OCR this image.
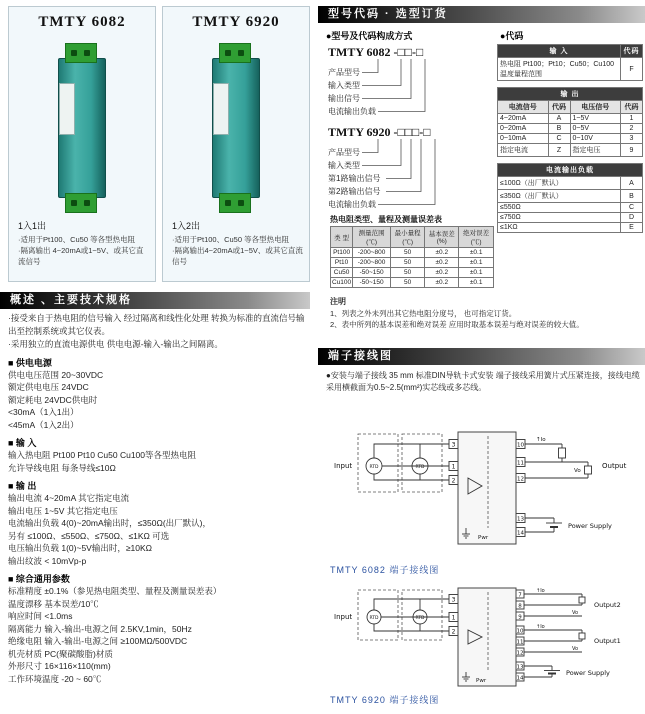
TMTY 6082
1入1出
·适用于Pt100、Cu50 等各型热电阻
·隔离输出 4~20mA或1~5V、或其它直流信号
TMTY 6920
1入2出
·适用于Pt100、Cu50 等各型热电阻
·隔离输出4~20mA或1~5V、或其它直流信号
概述 、主要技术规格
·接受来自于热电阻的信号输入 经过隔离和线性化处理 转换为标准的直流信号输出至控制系统或其它仪表。
·采用独立的直流电源供电 供电电源-输入-输出之间隔离。
■ 供电电源
供电电压范围 20~30VDC
额定供电电压 24VDC
额定耗电 24VDC供电时
<30mA（1入1出）
<45mA（1入2出）
■ 输 入
输入热电阻 Pt100 Pt10 Cu50 Cu100等各型热电阻
允许导线电阻 每条导线≤10Ω
■ 输 出
输出电流 4~20mA 其它指定电流
输出电压 1~5V 其它指定电压
电流输出负载 4(0)~20mA输出时，≤350Ω(出厂默认)，
另有 ≤100Ω、≤550Ω、≤750Ω、≤1KΩ 可选
电压输出负载 1(0)~5V输出时，≥10KΩ
输出纹波 < 10mVp-p
■ 综合通用参数
标准精度 ±0.1%（参见热电阻类型、量程及测量误差表）
温度漂移 基本误差/10℃
响应时间 <1.0ms
隔离能力 输入-输出-电源之间 2.5KV,1min，50Hz
绝缘电阻 输入-输出-电源之间 ≥100MΩ/500VDC
机壳材质 PC(聚碳酸脂)材质
外形尺寸 16×116×110(mm)
工作环境温度 -20 ~ 60℃
型号代码 · 选型订货
●型号及代码构成方式	●代码
TMTY 6082 -□□-□
产品型号
输入类型
输出信号
电流输出负载
TMTY 6920 -□□□-□
产品型号
输入类型
第1路输出信号
第2路输出信号
电流输出负载
输 入	代码
热电阻 Pt100；Pt10；Cu50；Cu100 温度量程范围	F
输 出			
电流信号	代码	电压信号	代码
4~20mA	A	1~5V	1
0~20mA	B	0~5V	2
0~10mA	C	0~10V	3
指定电流	Z	指定电压	9
电流输出负载	
≤100Ω（出厂默认）	A
≤350Ω（出厂默认）	B
≤550Ω	C
≤750Ω	D
≤1KΩ	E
热电阻类型、量程及测量误差表
类 型	测量范围(℃)	最小量程(℃)	基本误差(%)	绝对误差(℃)
Pt100	-200~800	50	±0.2	±0.1
Pt10	-200~800	50	±0.2	±0.1
Cu50	-50~150	50	±0.2	±0.1
Cu100	-50~150	50	±0.2	±0.1
注明
1、列表之外未列出其它热电阻分度号， 也可指定订货。
2、表中所列的基本误差和绝对误差 应用时取基本误差与绝对误差的较大值。
端子接线图
●安装与端子接线 35 mm 标准DIN导轨卡式安装 端子接线采用簧片式压紧连接，接线电缆采用横截面为0.5~2.5(mm²)实芯线或多芯线。
RTD	RTD
Input
Pwr
3
1
2
10
11
12
13
14
↑Io
Vo
Output
Power Supply
TMTY 6082 端子接线图
RTD	RTD
Input
Pwr
3
1
2
7
8
9
10
11
12
13
14
↑Io
Vo
Output2
↑Io
Vo
Output1
Power Supply
TMTY 6920 端子接线图
